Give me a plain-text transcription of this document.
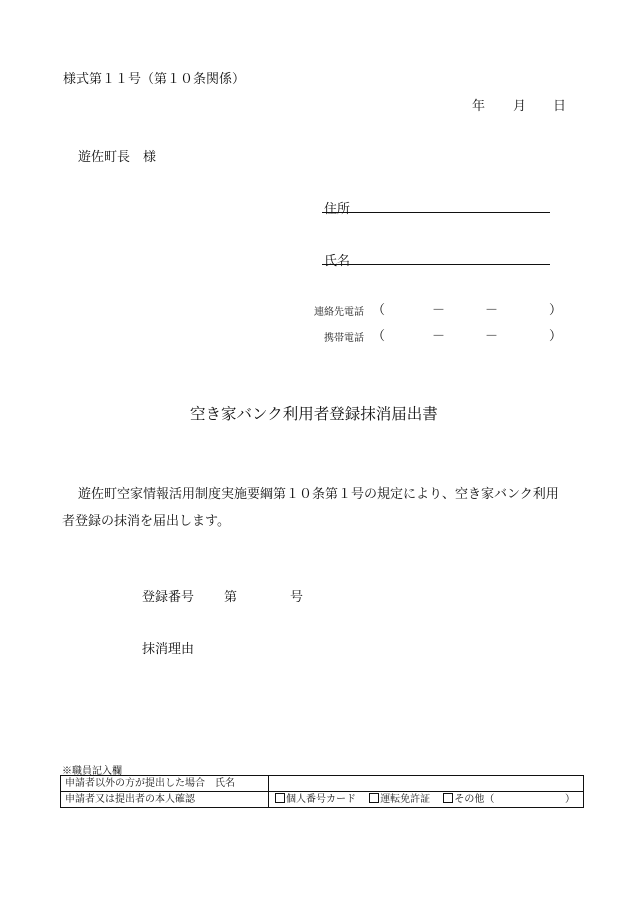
様式第１１号（第１０条関係）
年 月 日
遊佐町長　様
住所
氏名
連絡先電話 （	－	－	）
携帯電話 （	－	－	）
空き家バンク利用者登録抹消届出書
遊佐町空家情報活用制度実施要綱第１０条第１号の規定により、空き家バンク利用
者登録の抹消を届出します。
登録番号 第	号
抹消理由
※職員記入欄
申請者以外の方が提出した場合　氏名	
申請者又は提出者の本人確認	個人番号カード 運転免許証 その他（ ）
